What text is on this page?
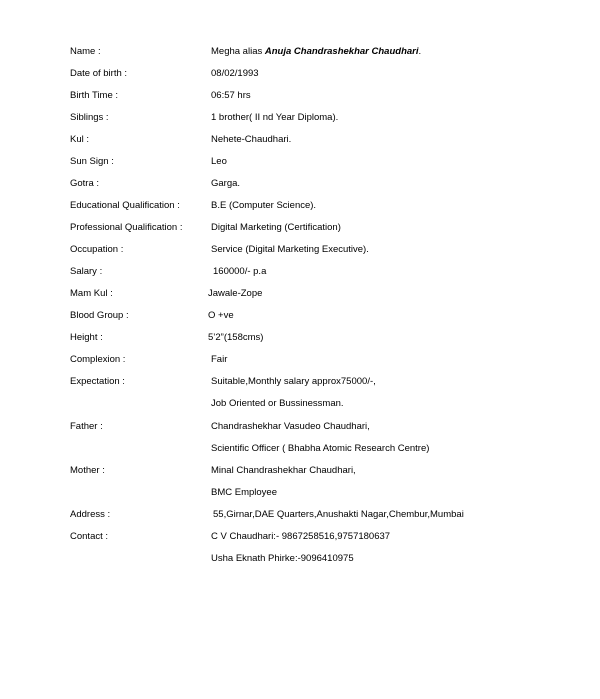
Name :	Megha alias Anuja Chandrashekhar Chaudhari.
Date of birth :	08/02/1993
Birth Time :	06:57 hrs
Siblings :	1 brother( II nd Year Diploma).
Kul :	Nehete-Chaudhari.
Sun Sign :	Leo
Gotra :	Garga.
Educational Qualification :	B.E (Computer Science).
Professional Qualification :	Digital Marketing (Certification)
Occupation :	Service (Digital Marketing Executive).
Salary :	160000/- p.a
Mam Kul :	Jawale-Zope
Blood Group :	O +ve
Height :	5’2”(158cms)
Complexion :	Fair
Expectation :	Suitable,Monthly salary approx75000/-,
Job Oriented or Bussinessman.
Father :	Chandrashekhar Vasudeo Chaudhari,
Scientific Officer ( Bhabha Atomic Research Centre)
Mother :	Minal Chandrashekhar Chaudhari,
BMC Employee
Address :	55,Girnar,DAE Quarters,Anushakti Nagar,Chembur,Mumbai
Contact :	C V Chaudhari:- 9867258516,9757180637
Usha Eknath Phirke:-9096410975
